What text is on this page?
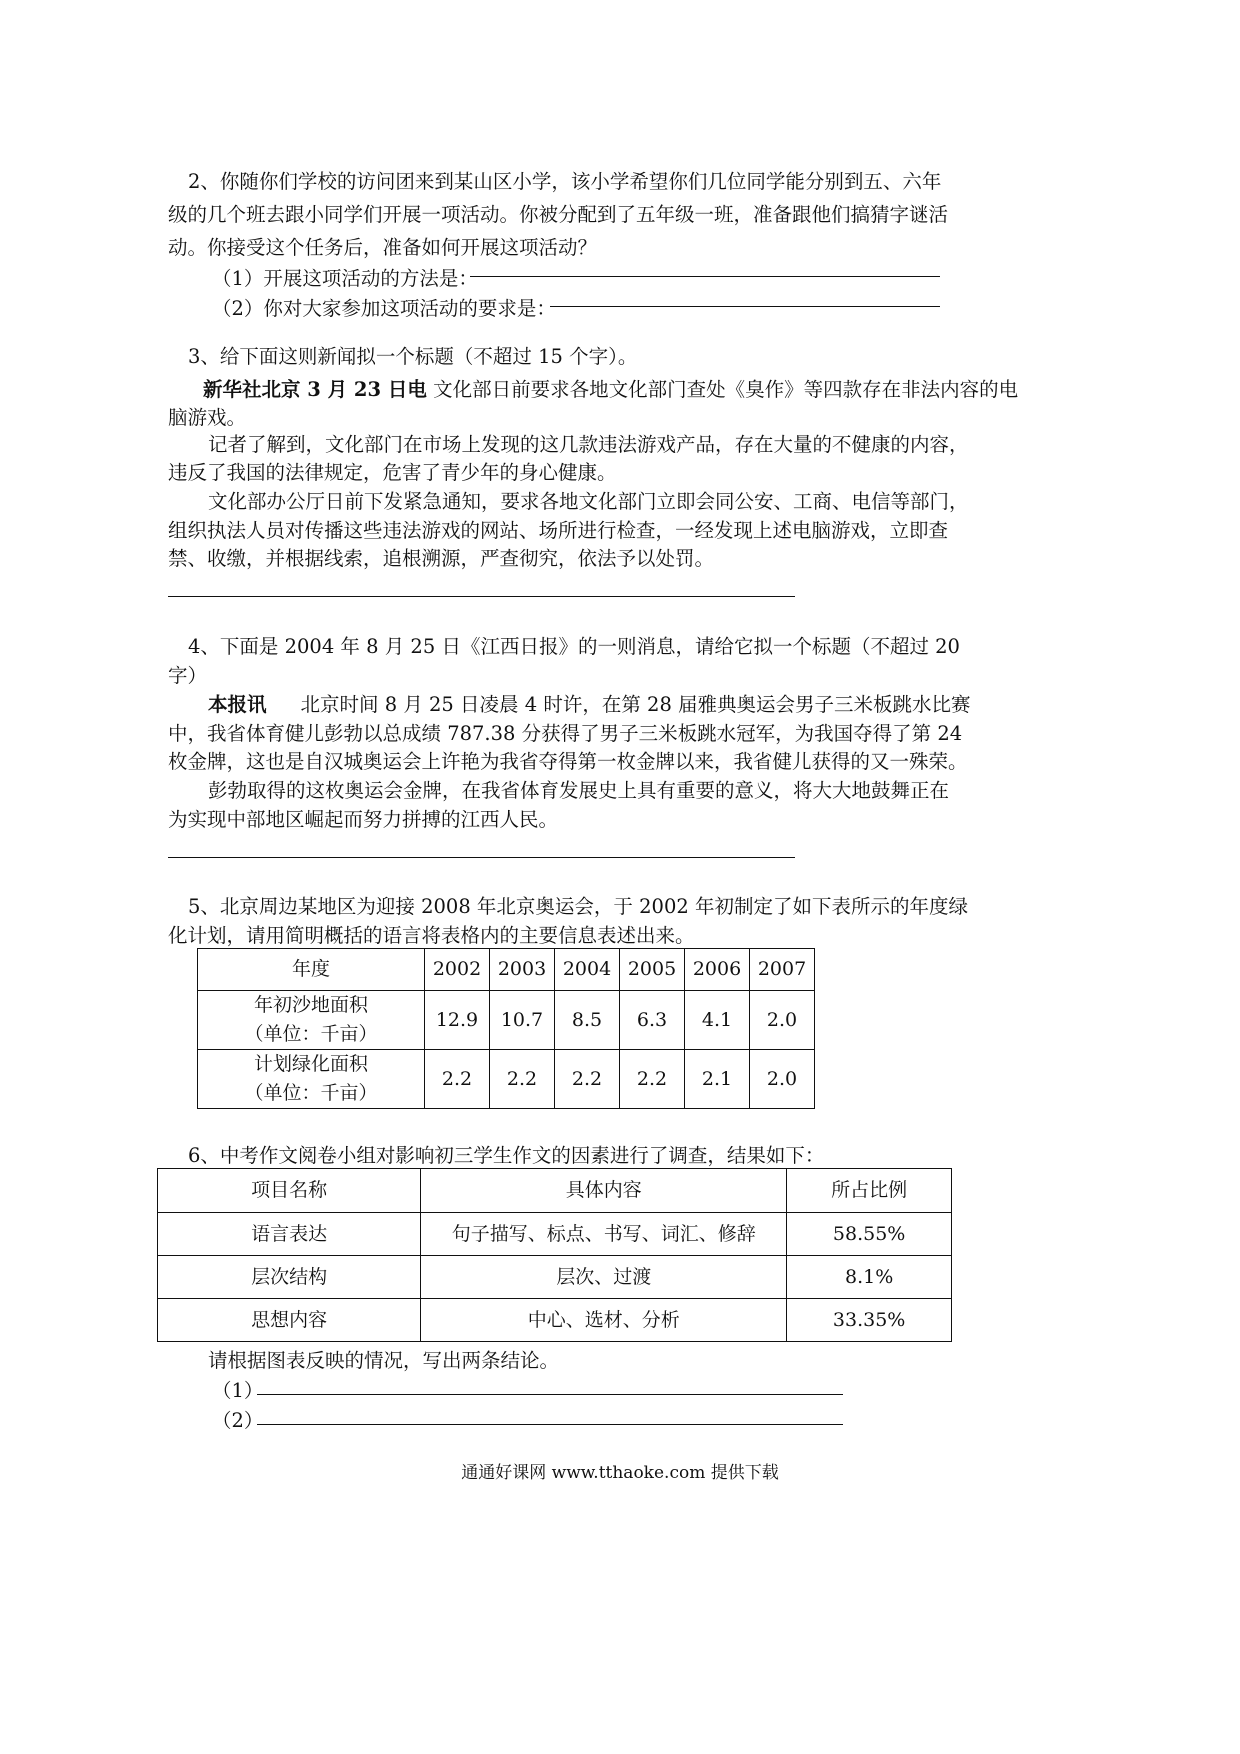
2、你随你们学校的访问团来到某山区小学，该小学希望你们几位同学能分别到五、六年
级的几个班去跟小同学们开展一项活动。你被分配到了五年级一班，准备跟他们搞猜字谜活
动。你接受这个任务后，准备如何开展这项活动？
（1）开展这项活动的方法是：
（2）你对大家参加这项活动的要求是：
3、给下面这则新闻拟一个标题（不超过 15 个字）。
新华社北京 3 月 23 日电 文化部日前要求各地文化部门查处《臭作》等四款存在非法内容的电
脑游戏。
记者了解到，文化部门在市场上发现的这几款违法游戏产品，存在大量的不健康的内容，
违反了我国的法律规定，危害了青少年的身心健康。
文化部办公厅日前下发紧急通知，要求各地文化部门立即会同公安、工商、电信等部门，
组织执法人员对传播这些违法游戏的网站、场所进行检查，一经发现上述电脑游戏，立即查
禁、收缴，并根据线索，追根溯源，严查彻究，依法予以处罚。
4、下面是 2004 年 8 月 25 日《江西日报》的一则消息，请给它拟一个标题（不超过 20
字）
本报讯 北京时间 8 月 25 日凌晨 4 时许，在第 28 届雅典奥运会男子三米板跳水比赛
中，我省体育健儿彭勃以总成绩 787.38 分获得了男子三米板跳水冠军，为我国夺得了第 24
枚金牌，这也是自汉城奥运会上许艳为我省夺得第一枚金牌以来，我省健儿获得的又一殊荣。
彭勃取得的这枚奥运会金牌，在我省体育发展史上具有重要的意义，将大大地鼓舞正在
为实现中部地区崛起而努力拼搏的江西人民。
5、北京周边某地区为迎接 2008 年北京奥运会，于 2002 年初制定了如下表所示的年度绿
化计划，请用简明概括的语言将表格内的主要信息表述出来。
年度	2002	2003	2004	2005	2006	2007

年初沙地面积
（单位：千亩）	12.9	10.7	8.5	6.3	4.1	2.0

计划绿化面积
（单位：千亩）	2.2	2.2	2.2	2.2	2.1	2.0
6、中考作文阅卷小组对影响初三学生作文的因素进行了调查，结果如下：
项目名称	具体内容	所占比例
语言表达	句子描写、标点、书写、词汇、修辞	58.55%
层次结构	层次、过渡	8.1%
思想内容	中心、选材、分析	33.35%
请根据图表反映的情况，写出两条结论。
（1）
（2）
通通好课网 www.tthaoke.com 提供下载
